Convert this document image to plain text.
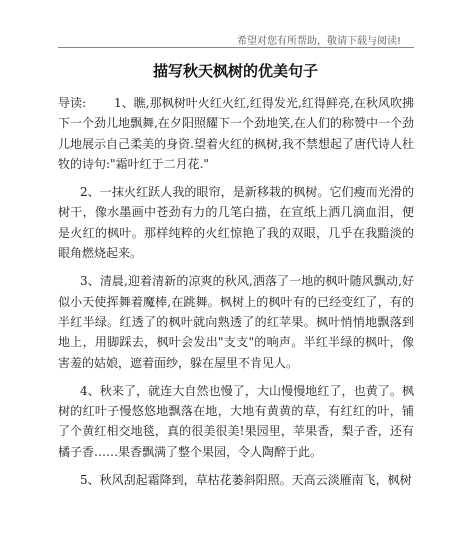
希望对您有所帮助，敬请下载与阅读!
描写秋天枫树的优美句子

导读: 1、瞧,那枫树叶火红火红,红得发光,红得鲜亮,在秋风吹拂下一个劲儿地飘舞,在夕阳照耀下一个劲地笑,在人们的称赞中一个劲儿地展示自己柔美的身资.望着火红的枫树,我不禁想起了唐代诗人杜牧的诗句:"霜叶红于二月花."

2、一抹火红跃人我的眼帘，是新移栽的枫树。它们瘦而光滑的树干，像水墨画中苍劲有力的几笔白描，在宣纸上洒几滴血泪，便是火红的枫叶。那样纯粹的火红惊艳了我的双眼，几乎在我黯淡的眼角燃烧起来。

3、清晨,迎着清新的凉爽的秋风,洒落了一地的枫叶随风飘动,好似小天使挥舞着魔棒,在跳舞。枫树上的枫叶有的已经变红了，有的半红半绿。红透了的枫叶就向熟透了的红苹果。枫叶悄悄地飘落到地上，用脚踩去，枫叶会发出"支支"的响声。半红半绿的枫叶，像害羞的姑娘，遮着面纱，躲在屋里不肯见人。

4、秋来了，就连大自然也慢了，大山慢慢地红了，也黄了。枫树的红叶子慢悠悠地飘落在地，大地有黄黄的草，有红红的叶，铺了个黄红相交地毯，真的很美很美!果园里，苹果香，梨子香，还有橘子香……果香飘满了整个果园，令人陶醉于此。

5、秋风刮起霜降到，草枯花萎斜阳照。天高云淡雁南飞，枫树
